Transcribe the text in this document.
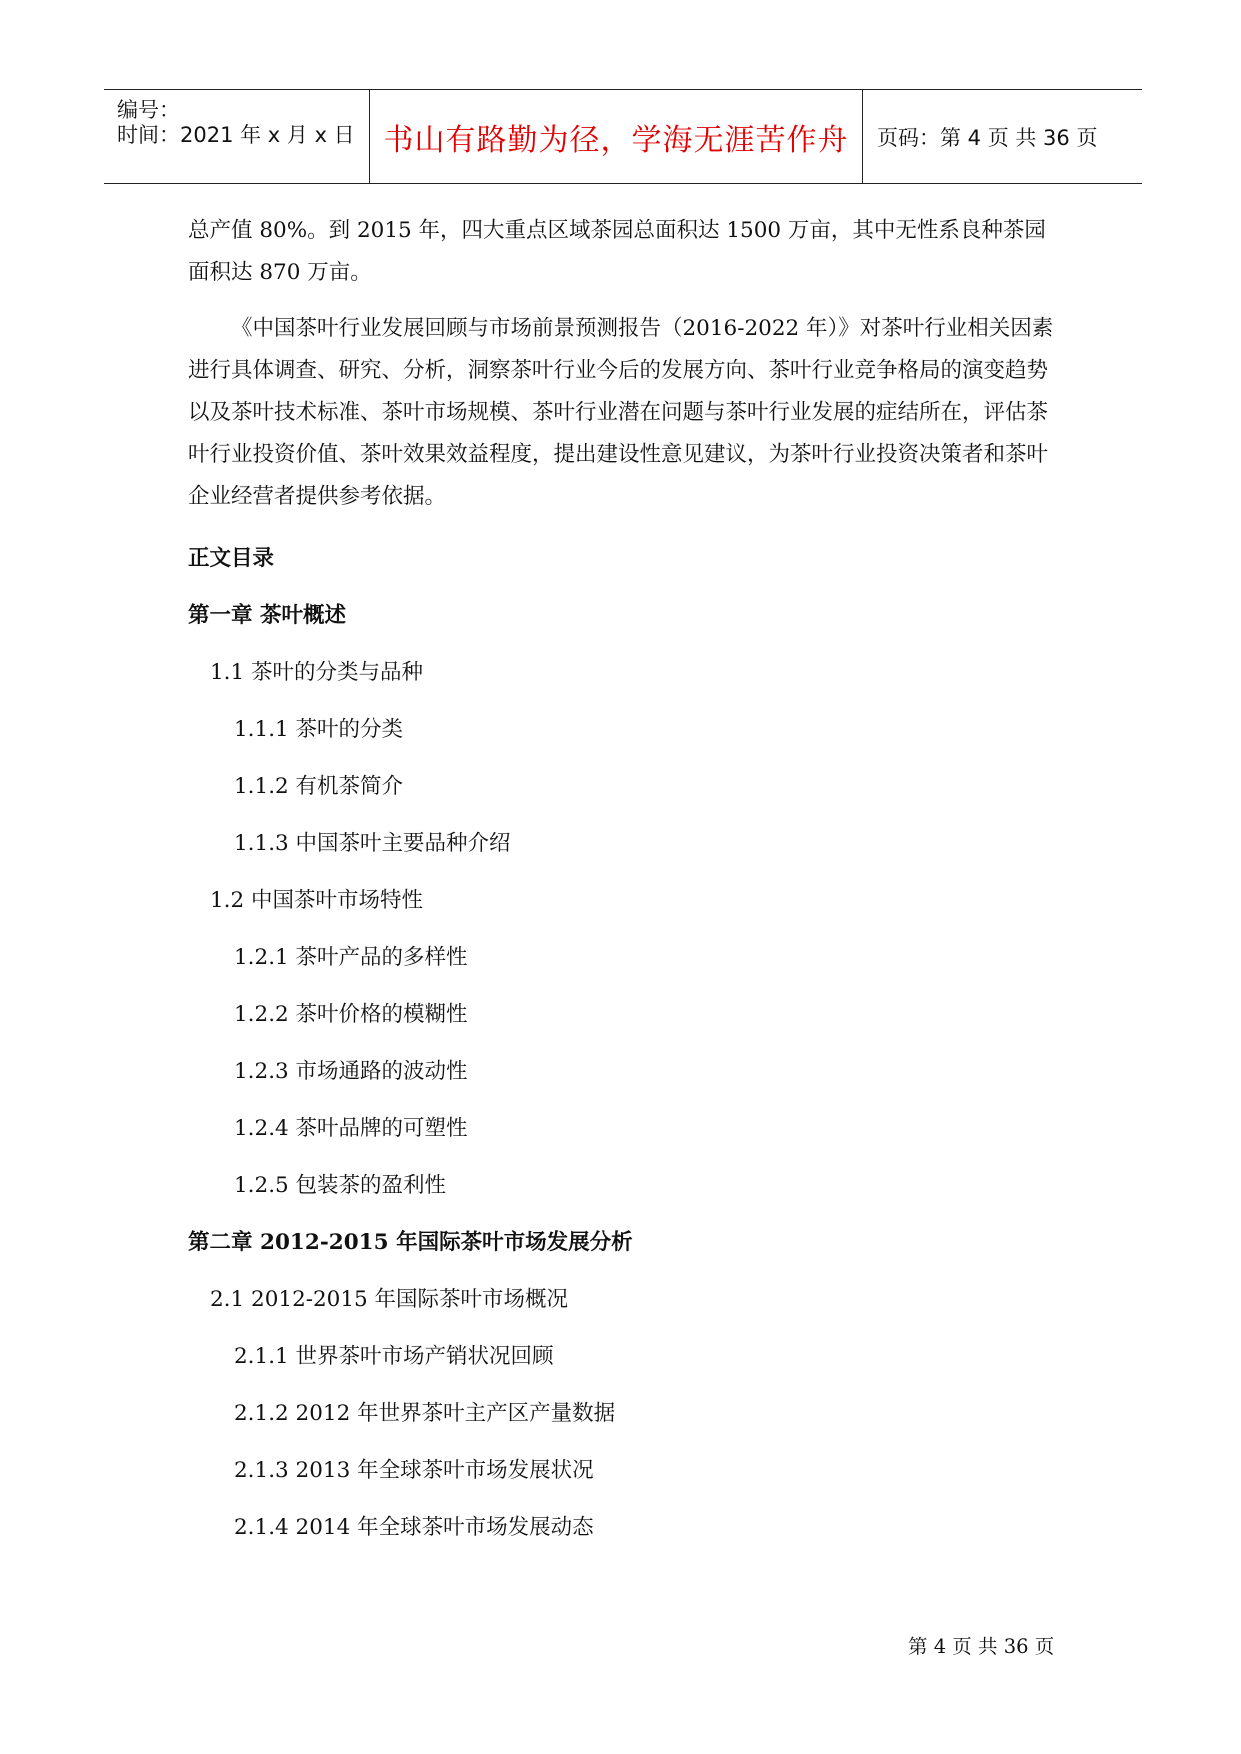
编号：
时间：2021 年 x 月 x 日 书山有路勤为径，学海无涯苦作舟 页码：第 4 页 共 36 页

总产值 80%。到 2015 年，四大重点区域茶园总面积达 1500 万亩，其中无性系良种茶园面积达 870 万亩。

《中国茶叶行业发展回顾与市场前景预测报告（2016-2022 年）》对茶叶行业相关因素进行具体调查、研究、分析，洞察茶叶行业今后的发展方向、茶叶行业竞争格局的演变趋势以及茶叶技术标准、茶叶市场规模、茶叶行业潜在问题与茶叶行业发展的症结所在，评估茶叶行业投资价值、茶叶效果效益程度，提出建设性意见建议，为茶叶行业投资决策者和茶叶企业经营者提供参考依据。

正文目录
第一章 茶叶概述
1.1 茶叶的分类与品种
1.1.1 茶叶的分类
1.1.2 有机茶简介
1.1.3 中国茶叶主要品种介绍
1.2 中国茶叶市场特性
1.2.1 茶叶产品的多样性
1.2.2 茶叶价格的模糊性
1.2.3 市场通路的波动性
1.2.4 茶叶品牌的可塑性
1.2.5 包装茶的盈利性
第二章 2012-2015 年国际茶叶市场发展分析
2.1 2012-2015 年国际茶叶市场概况
2.1.1 世界茶叶市场产销状况回顾
2.1.2 2012 年世界茶叶主产区产量数据
2.1.3 2013 年全球茶叶市场发展状况
2.1.4 2014 年全球茶叶市场发展动态
第 4 页 共 36 页
